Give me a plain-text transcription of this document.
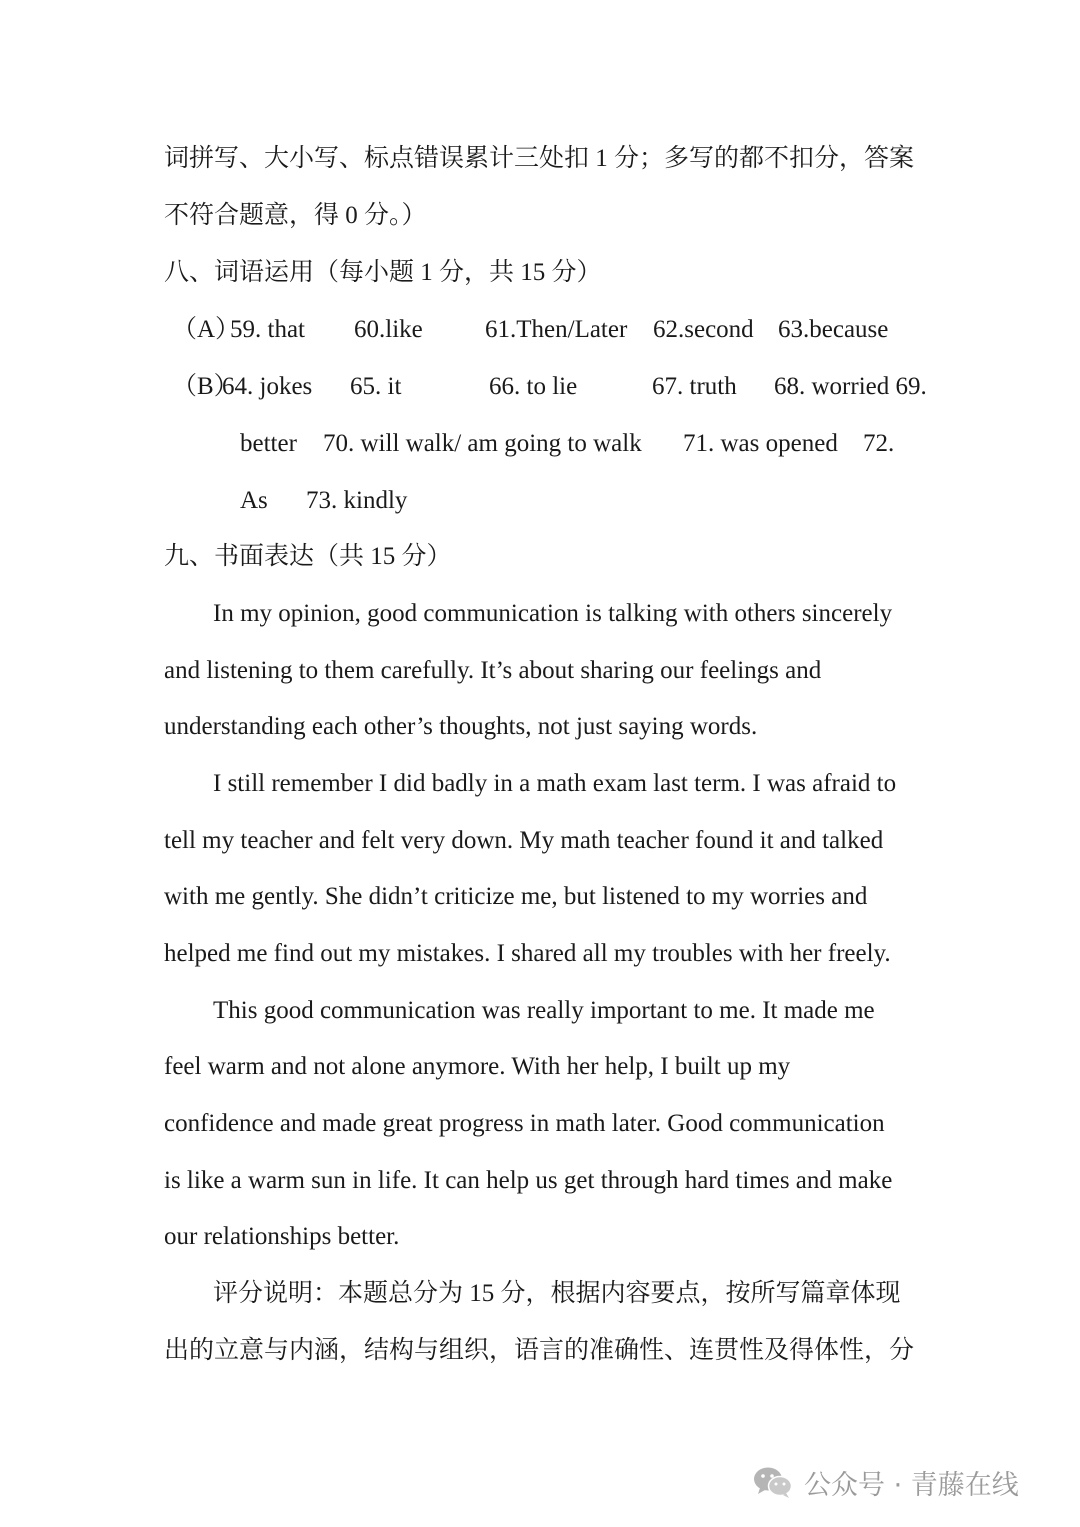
词拼写、大小写、标点错误累计三处扣 1 分；多写的都不扣分，答案
不符合题意，得 0 分。）
八、词语运用（每小题 1 分，共 15 分）
（A）
59. that 60.like 61.Then/Later 62.second 63.because
（B）
64. jokes 65. it	66. to lie	67. truth 68. worried 69.
better 70. will walk/ am going to walk 71. was opened 72.
As 73. kindly
九、书面表达（共 15 分）
In my opinion, good communication is talking with others sincerely
and listening to them carefully. It’s about sharing our feelings and
understanding each other’s thoughts, not just saying words.
I still remember I did badly in a math exam last term. I was afraid to
tell my teacher and felt very down. My math teacher found it and talked
with me gently. She didn’t criticize me, but listened to my worries and
helped me find out my mistakes. I shared all my troubles with her freely.
This good communication was really important to me. It made me
feel warm and not alone anymore. With her help, I built up my
confidence and made great progress in math later. Good communication
is like a warm sun in life. It can help us get through hard times and make
our relationships better.
评分说明：本题总分为 15 分，根据内容要点，按所写篇章体现
出的立意与内涵，结构与组织，语言的准确性、连贯性及得体性，分
公众号 · 青藤在线
